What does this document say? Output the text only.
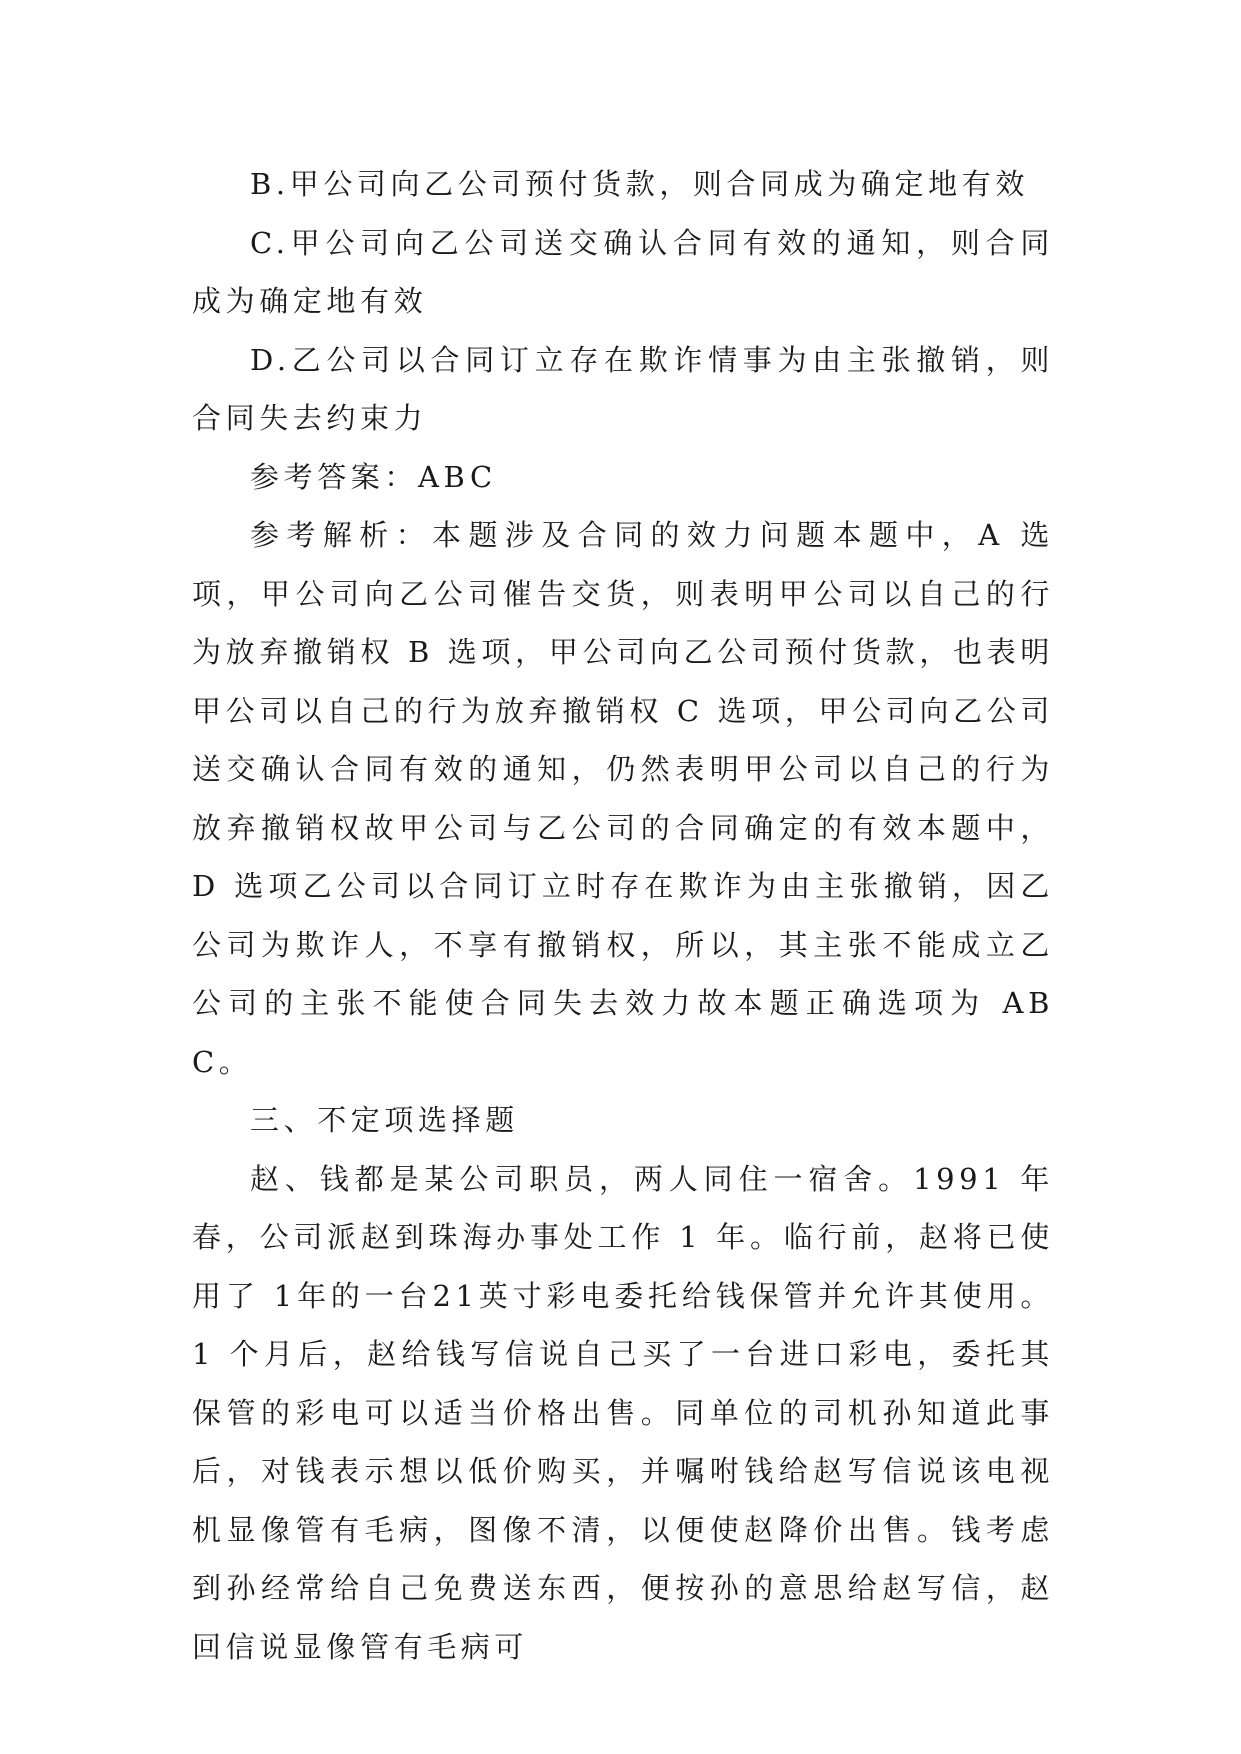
B.甲公司向乙公司预付货款，则合同成为确定地有效

C.甲公司向乙公司送交确认合同有效的通知，则合同成为确定地有效

D.乙公司以合同订立存在欺诈情事为由主张撤销，则合同失去约束力

参考答案：ABC

参考解析：本题涉及合同的效力问题本题中，A 选项，甲公司向乙公司催告交货，则表明甲公司以自己的行为放弃撤销权 B 选项，甲公司向乙公司预付货款，也表明甲公司以自己的行为放弃撤销权 C 选项，甲公司向乙公司送交确认合同有效的通知，仍然表明甲公司以自己的行为放弃撤销权故甲公司与乙公司的合同确定的有效本题中，D 选项乙公司以合同订立时存在欺诈为由主张撤销，因乙公司为欺诈人，不享有撤销权，所以，其主张不能成立乙公司的主张不能使合同失去效力故本题正确选项为 ABC。

三、不定项选择题

赵、钱都是某公司职员，两人同住一宿舍。1991 年春，公司派赵到珠海办事处工作 1 年。临行前，赵将已使用了 1年的一台21英寸彩电委托给钱保管并允许其使用。1 个月后，赵给钱写信说自己买了一台进口彩电，委托其保管的彩电可以适当价格出售。同单位的司机孙知道此事后，对钱表示想以低价购买，并嘱咐钱给赵写信说该电视机显像管有毛病，图像不清，以便使赵降价出售。钱考虑到孙经常给自己免费送东西，便按孙的意思给赵写信，赵回信说显像管有毛病可
